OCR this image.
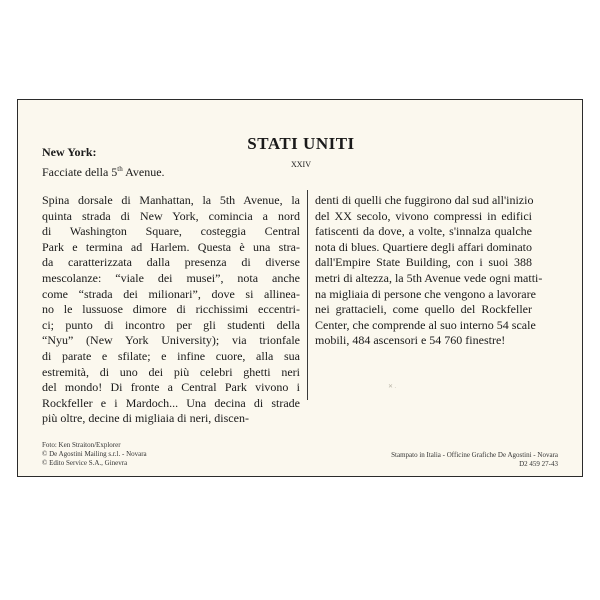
STATI UNITI
XXIV
New York:
Facciate della 5th Avenue.
Spina dorsale di Manhattan, la 5th Avenue, la
quinta strada di New York, comincia a nord
di Washington Square, costeggia Central
Park e termina ad Harlem. Questa è una stra-
da caratterizzata dalla presenza di diverse
mescolanze: “viale dei musei”, nota anche
come “strada dei milionari”, dove si allinea-
no le lussuose dimore di ricchissimi eccentri-
ci; punto di incontro per gli studenti della
“Nyu” (New York University); via trionfale
di parate e sfilate; e infine cuore, alla sua
estremità, di uno dei più celebri ghetti neri
del mondo! Di fronte a Central Park vivono i
Rockfeller e i Mardoch... Una decina di strade
più oltre, decine di migliaia di neri, discen-
denti di quelli che fuggirono dal sud all'inizio
del XX secolo, vivono compressi in edifici
fatiscenti da dove, a volte, s'innalza qualche
nota di blues. Quartiere degli affari dominato
dall'Empire State Building, con i suoi 388
metri di altezza, la 5th Avenue vede ogni matti-
na migliaia di persone che vengono a lavorare
nei grattacieli, come quello del Rockfeller
Center, che comprende al suo interno 54 scale
mobili, 484 ascensori e 54 760 finestre!
✕ .
Foto: Ken Straiton/Explorer
© De Agostini Mailing s.r.l. - Novara
© Edito Service S.A., Ginevra
Stampato in Italia - Officine Grafiche De Agostini - Novara
D2 459 27-43
